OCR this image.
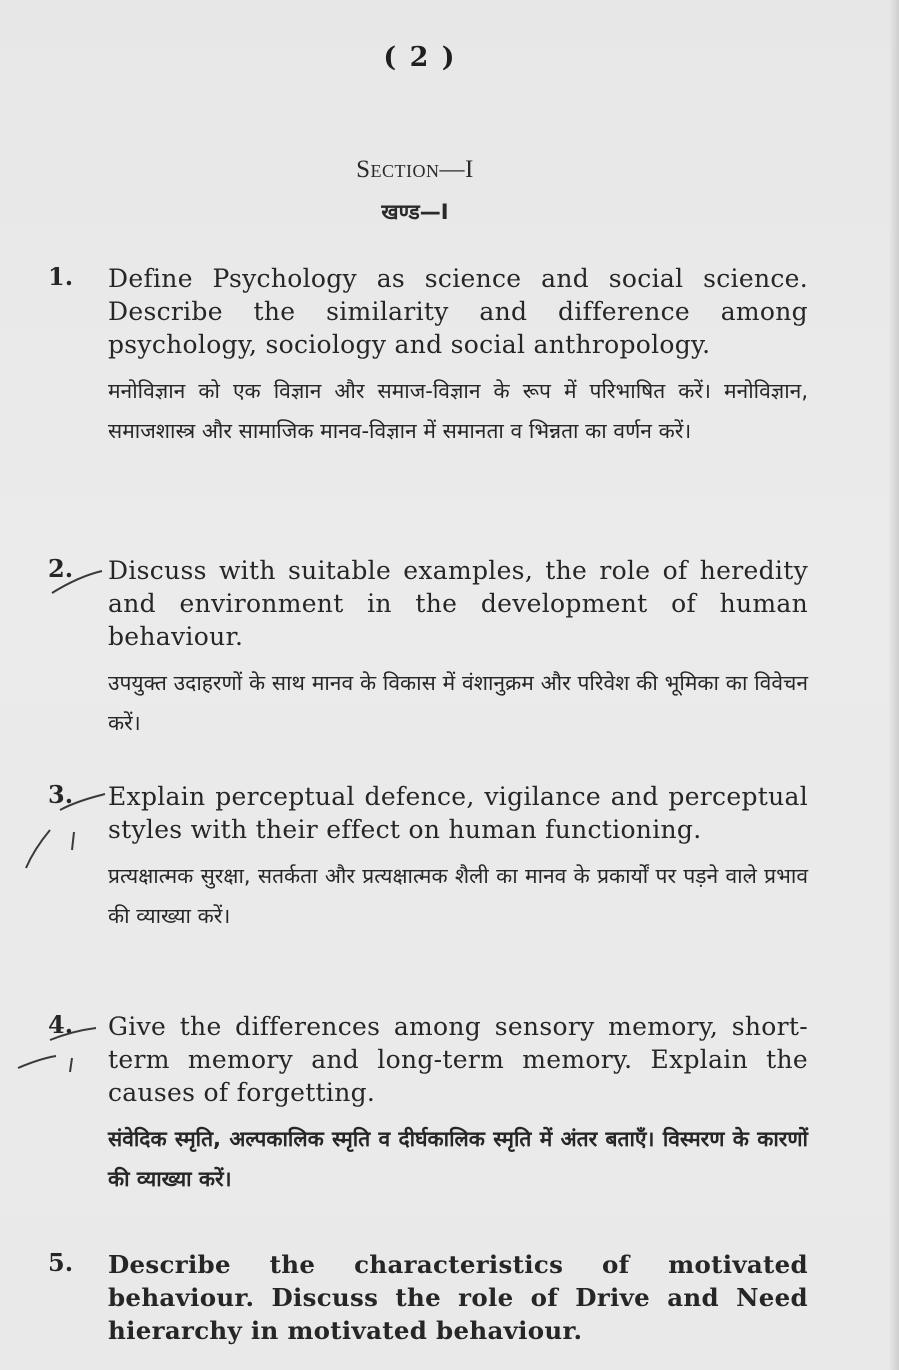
( 2 )
Section—I
खण्ड—I
1.	Define Psychology as science and social science. Describe the similarity and difference among psychology, sociology and social anthropology.
मनोविज्ञान को एक विज्ञान और समाज-विज्ञान के रूप में परिभाषित करें। मनोविज्ञान, समाजशास्त्र और सामाजिक मानव-विज्ञान में समानता व भिन्नता का वर्णन करें।
2.	Discuss with suitable examples, the role of heredity and environment in the development of human behaviour.
उपयुक्त उदाहरणों के साथ मानव के विकास में वंशानुक्रम और परिवेश की भूमिका का विवेचन करें।
3.	Explain perceptual defence, vigilance and perceptual styles with their effect on human functioning.
प्रत्यक्षात्मक सुरक्षा, सतर्कता और प्रत्यक्षात्मक शैली का मानव के प्रकार्यों पर पड़ने वाले प्रभाव की व्याख्या करें।
4.	Give the differences among sensory memory, short-term memory and long-term memory. Explain the causes of forgetting.
संवेदिक स्मृति, अल्पकालिक स्मृति व दीर्घकालिक स्मृति में अंतर बताएँ। विस्मरण के कारणों की व्याख्या करें।
5.	Describe the characteristics of motivated behaviour. Discuss the role of Drive and Need hierarchy in motivated behaviour.
